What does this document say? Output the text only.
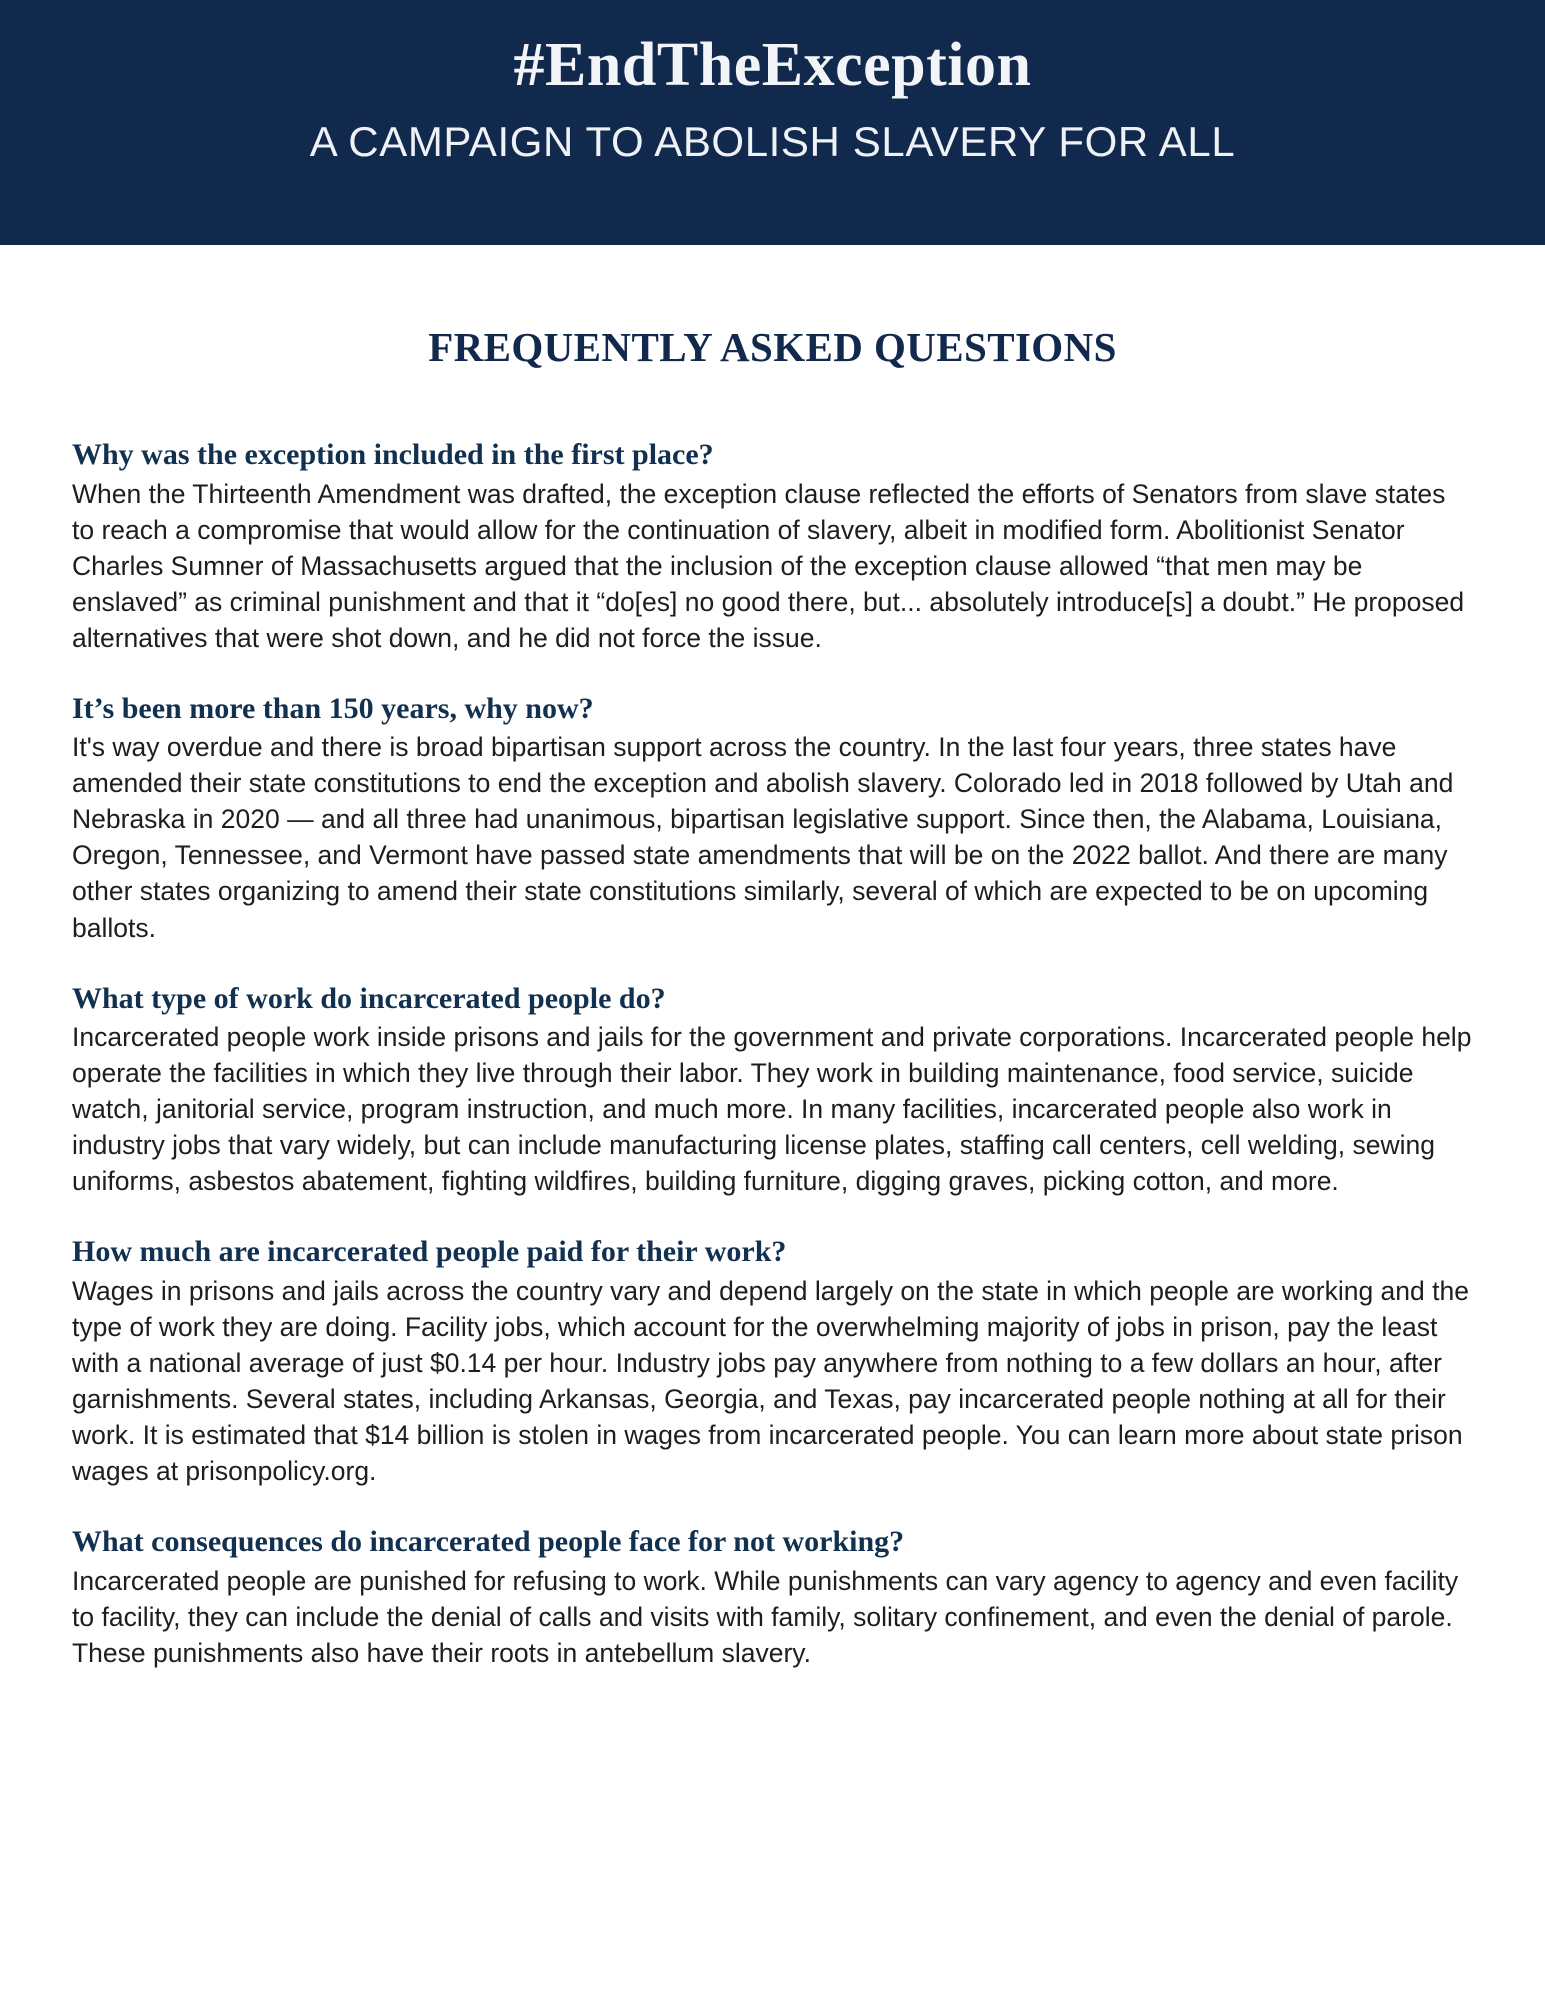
#EndTheException
A CAMPAIGN TO ABOLISH SLAVERY FOR ALL
FREQUENTLY ASKED QUESTIONS

Why was the exception included in the first place?

When the Thirteenth Amendment was drafted, the exception clause reflected the efforts of Senators from slave states to reach a compromise that would allow for the continuation of slavery, albeit in modified form. Abolitionist Senator Charles Sumner of Massachusetts argued that the inclusion of the exception clause allowed “that men may be enslaved” as criminal punishment and that it “do[es] no good there, but... absolutely introduce[s] a doubt.” He proposed alternatives that were shot down, and he did not force the issue.

It’s been more than 150 years, why now?

It's way overdue and there is broad bipartisan support across the country. In the last four years, three states have amended their state constitutions to end the exception and abolish slavery. Colorado led in 2018 followed by Utah and Nebraska in 2020 — and all three had unanimous, bipartisan legislative support. Since then, the Alabama, Louisiana, Oregon, Tennessee, and Vermont have passed state amendments that will be on the 2022 ballot. And there are many other states organizing to amend their state constitutions similarly, several of which are expected to be on upcoming ballots.

What type of work do incarcerated people do?

Incarcerated people work inside prisons and jails for the government and private corporations. Incarcerated people help operate the facilities in which they live through their labor. They work in building maintenance, food service, suicide watch, janitorial service, program instruction, and much more. In many facilities, incarcerated people also work in industry jobs that vary widely, but can include manufacturing license plates, staffing call centers, cell welding, sewing uniforms, asbestos abatement, fighting wildfires, building furniture, digging graves, picking cotton, and more.

How much are incarcerated people paid for their work?

Wages in prisons and jails across the country vary and depend largely on the state in which people are working and the type of work they are doing. Facility jobs, which account for the overwhelming majority of jobs in prison, pay the least with a national average of just $0.14 per hour. Industry jobs pay anywhere from nothing to a few dollars an hour, after garnishments. Several states, including Arkansas, Georgia, and Texas, pay incarcerated people nothing at all for their work. It is estimated that $14 billion is stolen in wages from incarcerated people. You can learn more about state prison wages at prisonpolicy.org.

What consequences do incarcerated people face for not working?

Incarcerated people are punished for refusing to work. While punishments can vary agency to agency and even facility to facility, they can include the denial of calls and visits with family, solitary confinement, and even the denial of parole. These punishments also have their roots in antebellum slavery.
